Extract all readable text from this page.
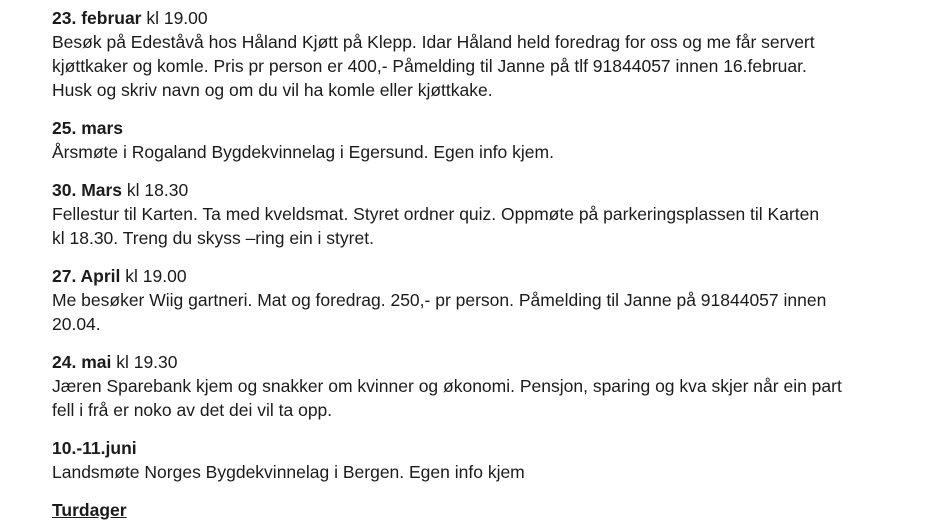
23. februar kl 19.00
Besøk på Edeståvå hos Håland Kjøtt på Klepp. Idar Håland held foredrag for oss og me får servert
kjøttkaker og komle. Pris pr person er 400,- Påmelding til Janne på tlf 91844057 innen 16.februar.
Husk og skriv navn og om du vil ha komle eller kjøttkake.
25. mars
Årsmøte i Rogaland Bygdekvinnelag i Egersund. Egen info kjem.
30. Mars kl 18.30
Fellestur til Karten. Ta med kveldsmat. Styret ordner quiz. Oppmøte på parkeringsplassen til Karten
kl 18.30. Treng du skyss –ring ein i styret.
27. April kl 19.00
Me besøker Wiig gartneri. Mat og foredrag. 250,- pr person. Påmelding til Janne på 91844057 innen
20.04.
24. mai kl 19.30
Jæren Sparebank kjem og snakker om kvinner og økonomi. Pensjon, sparing og kva skjer når ein part
fell i frå er noko av det dei vil ta opp.
10.-11.juni
Landsmøte Norges Bygdekvinnelag i Bergen. Egen info kjem
Turdager
